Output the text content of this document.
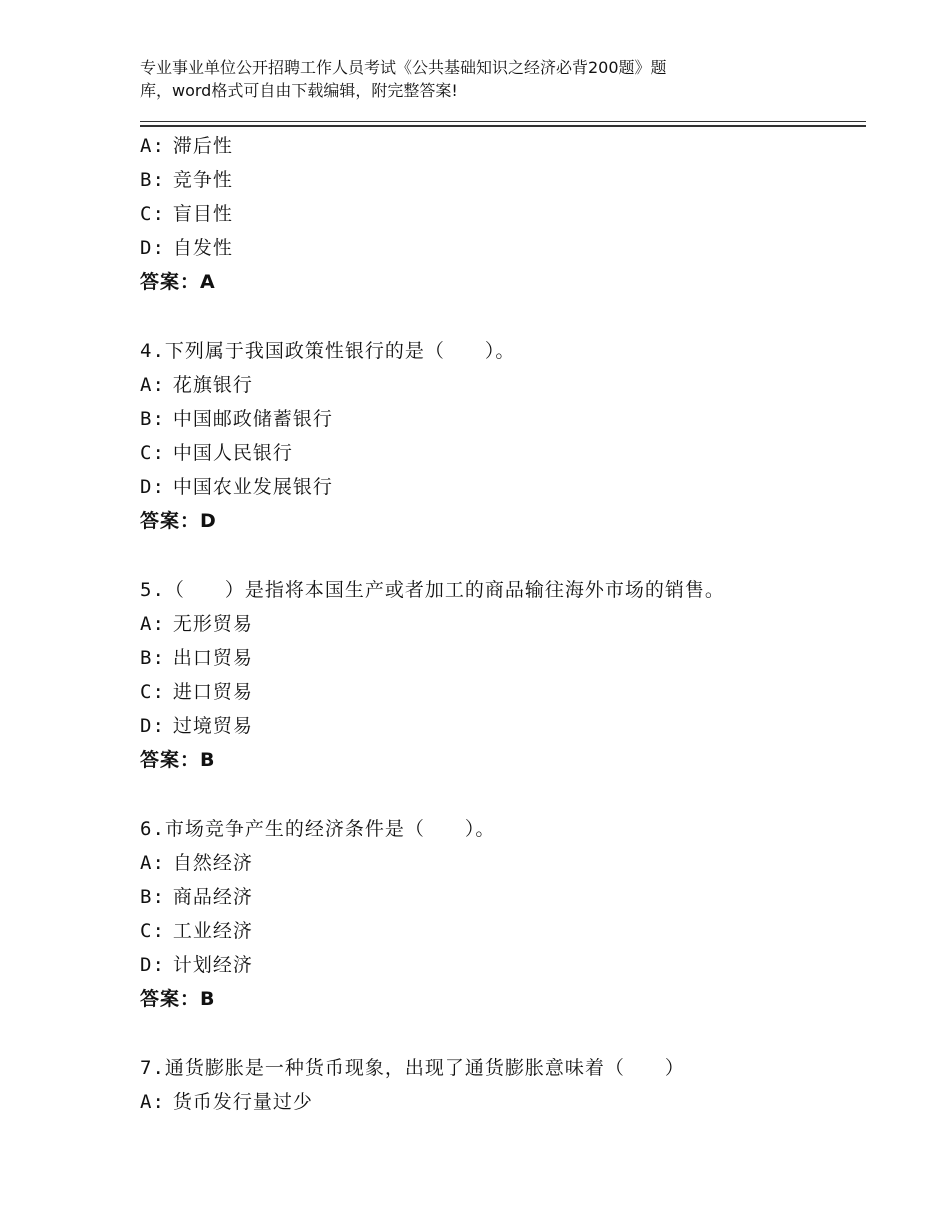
专业事业单位公开招聘工作人员考试《公共基础知识之经济必背200题》题
库，word格式可自由下载编辑，附完整答案!
A: 滞后性
B: 竞争性
C: 盲目性
D: 自发性
答案：A
4.下列属于我国政策性银行的是（　　）。
A: 花旗银行
B: 中国邮政储蓄银行
C: 中国人民银行
D: 中国农业发展银行
答案：D
5.（　　）是指将本国生产或者加工的商品输往海外市场的销售。
A: 无形贸易
B: 出口贸易
C: 进口贸易
D: 过境贸易
答案：B
6.市场竞争产生的经济条件是（　　）。
A: 自然经济
B: 商品经济
C: 工业经济
D: 计划经济
答案：B
7.通货膨胀是一种货币现象，出现了通货膨胀意味着（　　）
A: 货币发行量过少
